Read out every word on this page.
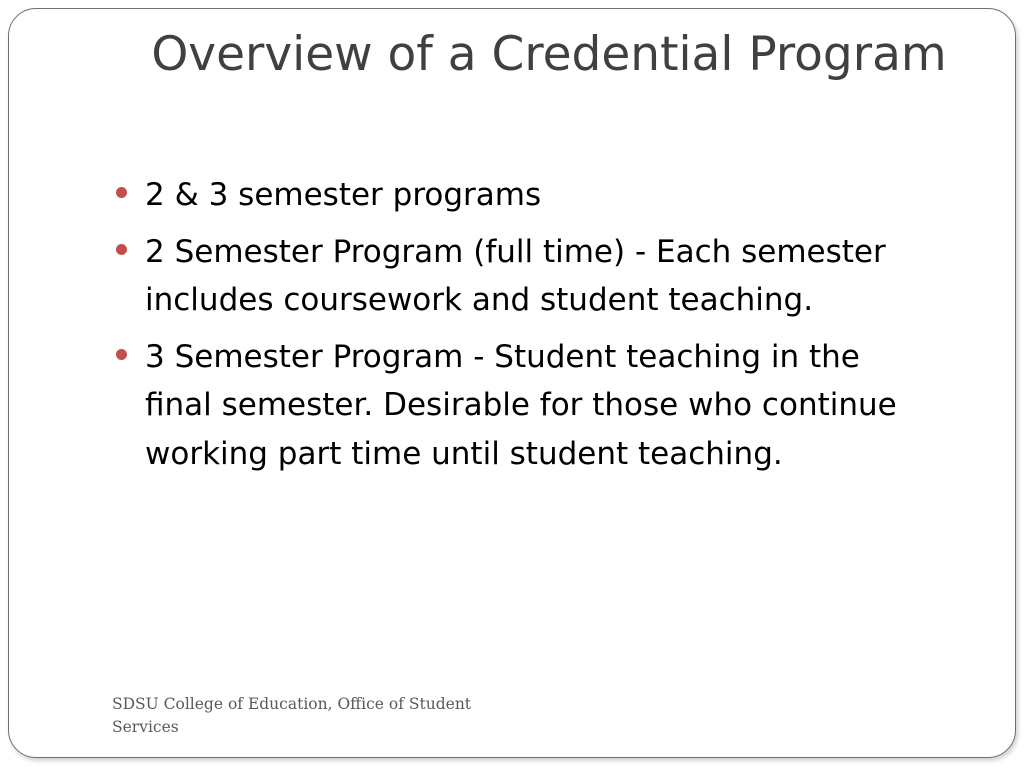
Overview of a Credential Program
2 & 3 semester programs
2 Semester Program (full time) - Each semester includes coursework and student teaching.
3 Semester Program - Student teaching in the final semester. Desirable for those who continue working part time until student teaching.
SDSU College of Education, Office of Student Services
